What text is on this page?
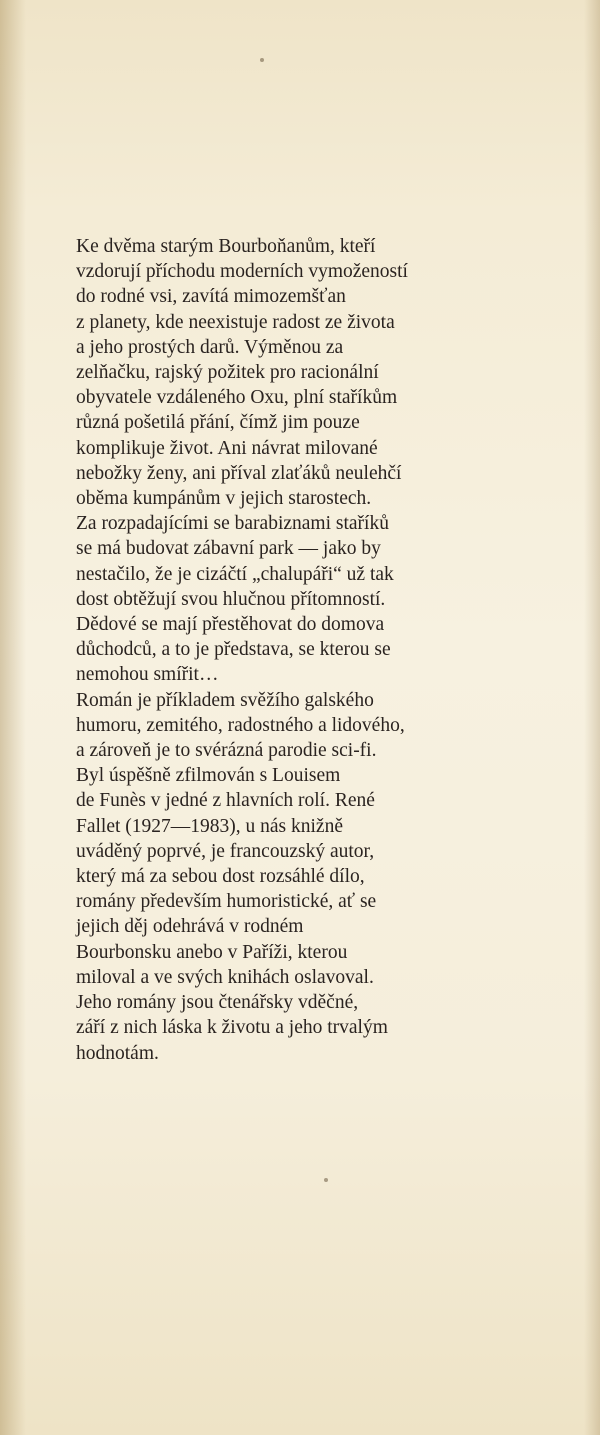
Ke dvěma starým Bourboňanům, kteří
vzdorují příchodu moderních vymožeností
do rodné vsi, zavítá mimozemšťan
z planety, kde neexistuje radost ze života
a jeho prostých darů. Výměnou za
zelňačku, rajský požitek pro racionální
obyvatele vzdáleného Oxu, plní staříkům
různá pošetilá přání, čímž jim pouze
komplikuje život. Ani návrat milované
nebožky ženy, ani příval zlaťáků neulehčí
oběma kumpánům v jejich starostech.
Za rozpadajícími se barabiznami staříků
se má budovat zábavní park — jako by
nestačilo, že je cizáčtí „chalupáři“ už tak
dost obtěžují svou hlučnou přítomností.
Dědové se mají přestěhovat do domova
důchodců, a to je představa, se kterou se
nemohou smířit…
Román je příkladem svěžího galského
humoru, zemitého, radostného a lidového,
a zároveň je to svérázná parodie sci-fi.
Byl úspěšně zfilmován s Louisem
de Funès v jedné z hlavních rolí. René
Fallet (1927—1983), u nás knižně
uváděný poprvé, je francouzský autor,
který má za sebou dost rozsáhlé dílo,
romány především humoristické, ať se
jejich děj odehrává v rodném
Bourbonsku anebo v Paříži, kterou
miloval a ve svých knihách oslavoval.
Jeho romány jsou čtenářsky vděčné,
září z nich láska k životu a jeho trvalým
hodnotám.
